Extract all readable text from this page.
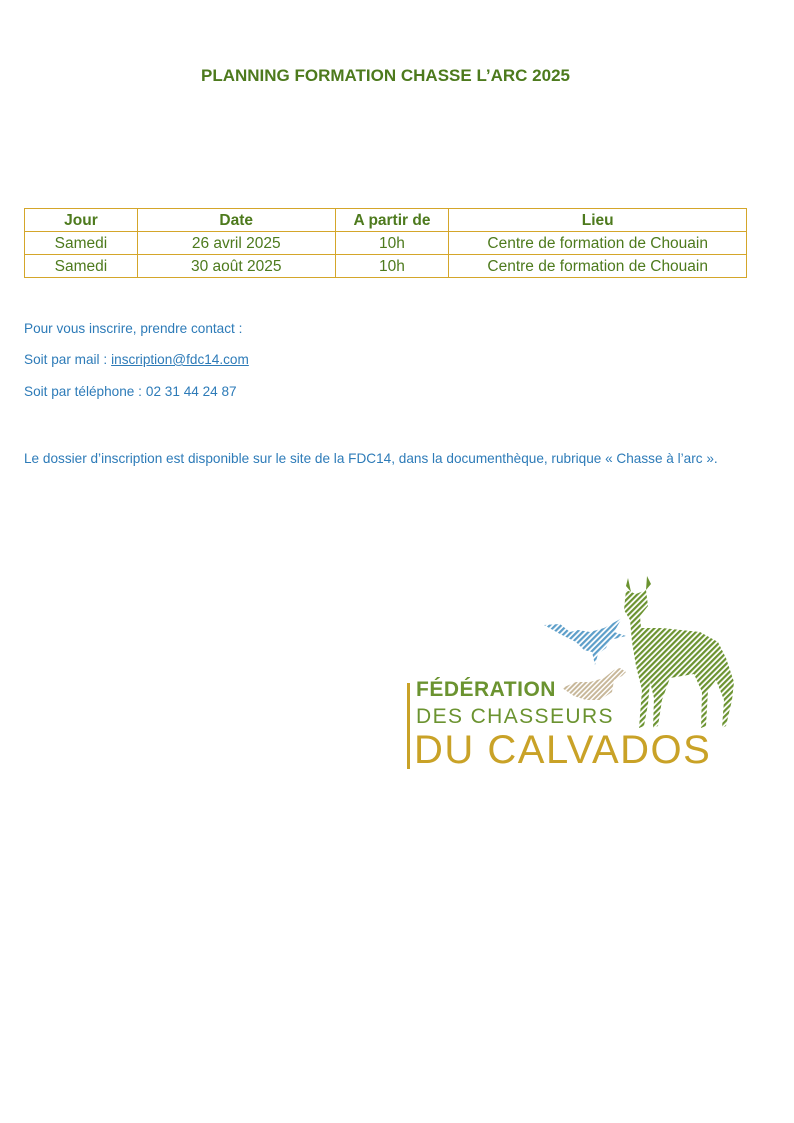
PLANNING FORMATION CHASSE L’ARC 2025
Jour	Date	A partir de	Lieu
Samedi	26 avril 2025	10h	Centre de formation de Chouain
Samedi	30 août 2025	10h	Centre de formation de Chouain
Pour vous inscrire, prendre contact :
Soit par mail : inscription@fdc14.com
Soit par téléphone : 02 31 44 24 87
Le dossier d’inscription est disponible sur le site de la FDC14, dans la documenthèque, rubrique « Chasse à l’arc ».
FÉDÉRATION
DES CHASSEURS
DU CALVADOS
